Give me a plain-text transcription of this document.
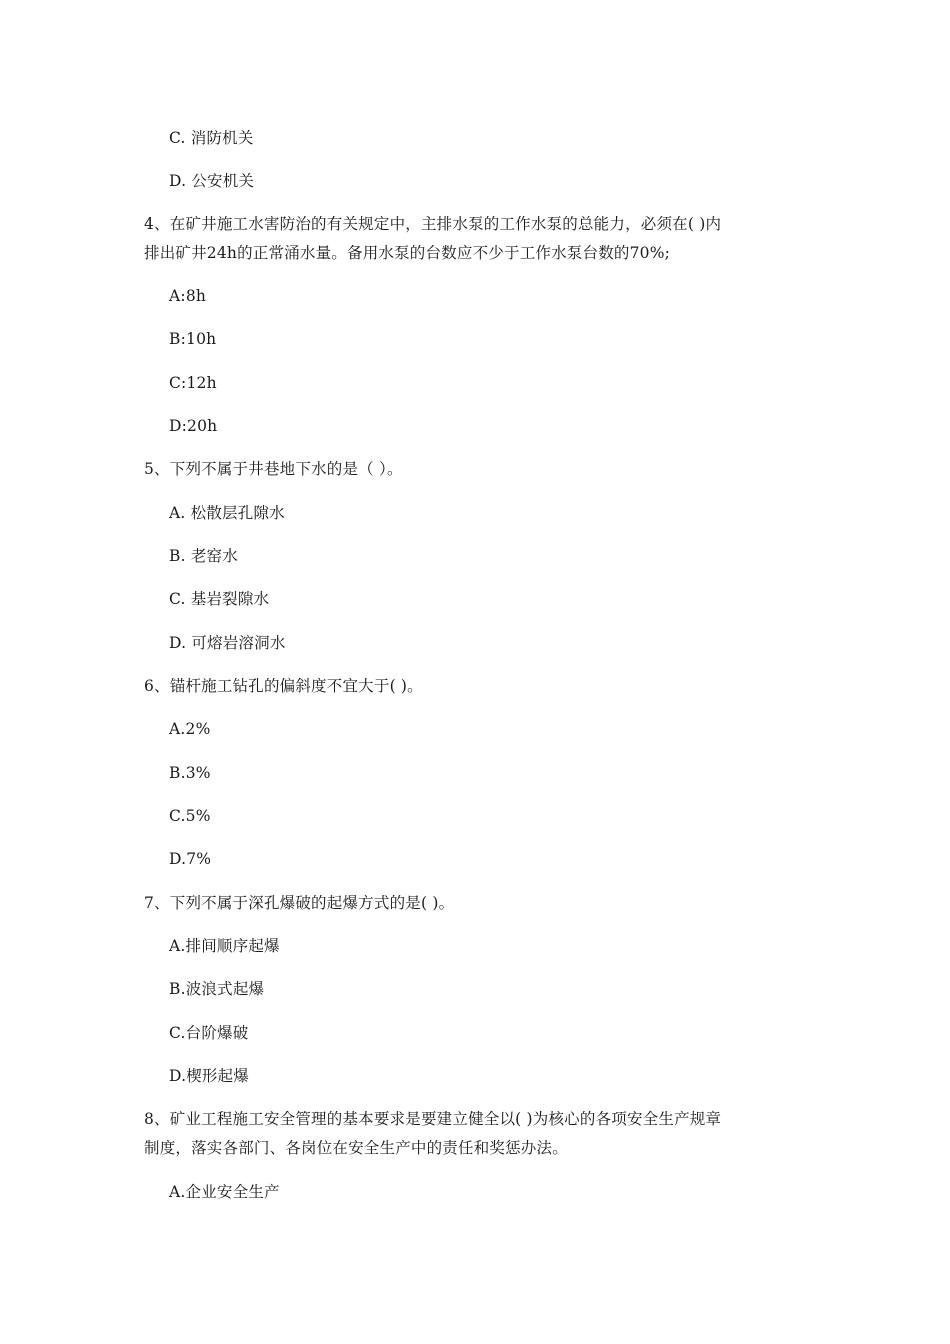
C. 消防机关
D. 公安机关
4、在矿井施工水害防治的有关规定中，主排水泵的工作水泵的总能力，必须在( )内
排出矿井24h的正常涌水量。备用水泵的台数应不少于工作水泵台数的70%;
A:8h
B:10h
C:12h
D:20h
5、下列不属于井巷地下水的是（ ）。
A. 松散层孔隙水
B. 老窑水
C. 基岩裂隙水
D. 可熔岩溶洞水
6、锚杆施工钻孔的偏斜度不宜大于( )。
A.2%
B.3%
C.5%
D.7%
7、下列不属于深孔爆破的起爆方式的是( )。
A.排间顺序起爆
B.波浪式起爆
C.台阶爆破
D.楔形起爆
8、矿业工程施工安全管理的基本要求是要建立健全以( )为核心的各项安全生产规章
制度，落实各部门、各岗位在安全生产中的责任和奖惩办法。
A.企业安全生产
